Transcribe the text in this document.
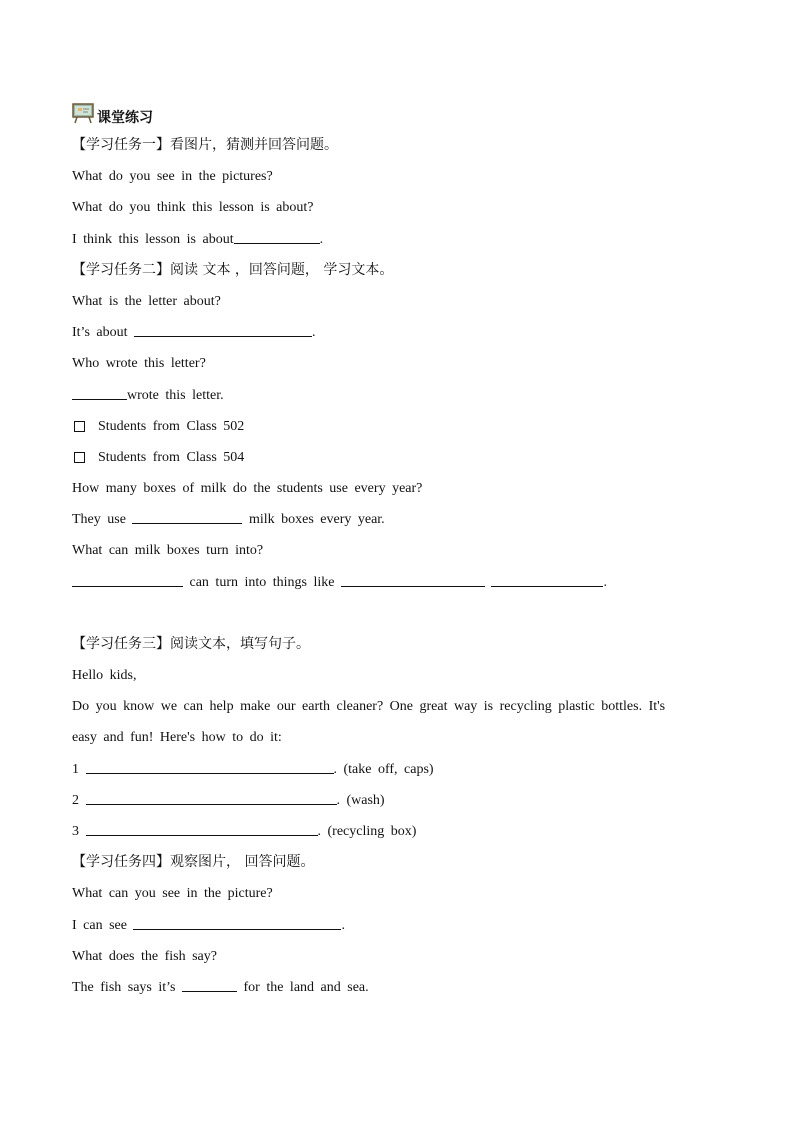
课堂练习
【学习任务一】看图片，猜测并回答问题。
What do you see in the pictures?
What do you think this lesson is about?
I think this lesson is about	.
【学习任务二】阅读 文本 ，回答问题， 学习文本。
What is the letter about?
It’s about	.
Who wrote this letter?
wrote this letter.
Students from Class 502
Students from Class 504
How many boxes of milk do the students use every year?
They use	milk boxes every year.
What can milk boxes turn into?
can turn into things like	.
【学习任务三】阅读文本，填写句子。
Hello kids,
Do you know we can help make our earth cleaner? One great way is recycling plastic bottles. It's
easy and fun! Here's how to do it:
1	. (take off, caps)
2	. (wash)
3	. (recycling box)
【学习任务四】观察图片， 回答问题。
What can you see in the picture?
I can see	.
What does the fish say?
The fish says it’s	for the land and sea.
